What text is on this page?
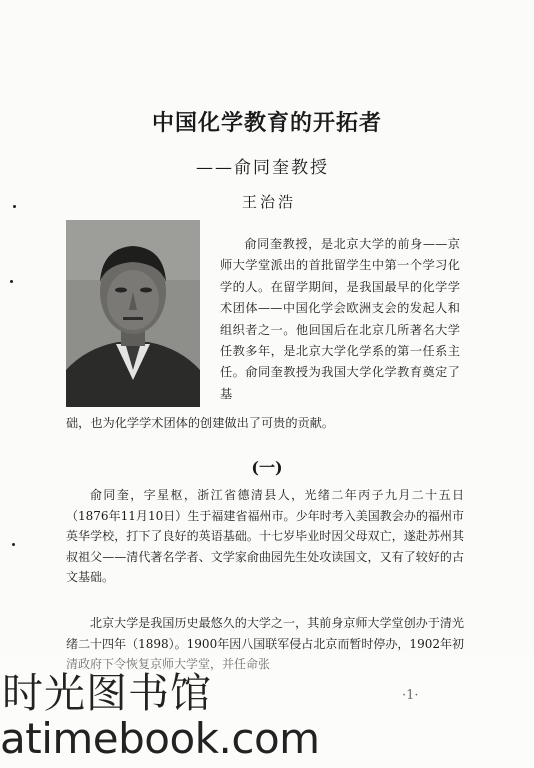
中国化学教育的开拓者
——俞同奎教授
王治浩

俞同奎教授，是北京大学的前身——京师大学堂派出的首批留学生中第一个学习化学的人。在留学期间，是我国最早的化学学术团体——中国化学会欧洲支会的发起人和组织者之一。他回国后在北京几所著名大学任教多年，是北京大学化学系的第一任系主任。俞同奎教授为我国大学化学教育奠定了基

础，也为化学学术团体的创建做出了可贵的贡献。

(一)

俞同奎，字星枢，浙江省德清县人，光绪二年丙子九月二十五日（1876年11月10日）生于福建省福州市。少年时考入美国教会办的福州市英华学校，打下了良好的英语基础。十七岁毕业时因父母双亡，遂赴苏州其叔祖父——清代著名学者、文学家俞曲园先生处攻读国文，又有了较好的古文基础。

北京大学是我国历史最悠久的大学之一，其前身京师大学堂创办于清光绪二十四年（1898）。1900年因八国联军侵占北京而暂时停办，1902年初清政府下令恢复京师大学堂，并任命张

·1·
时光图书馆
atimebook.com
